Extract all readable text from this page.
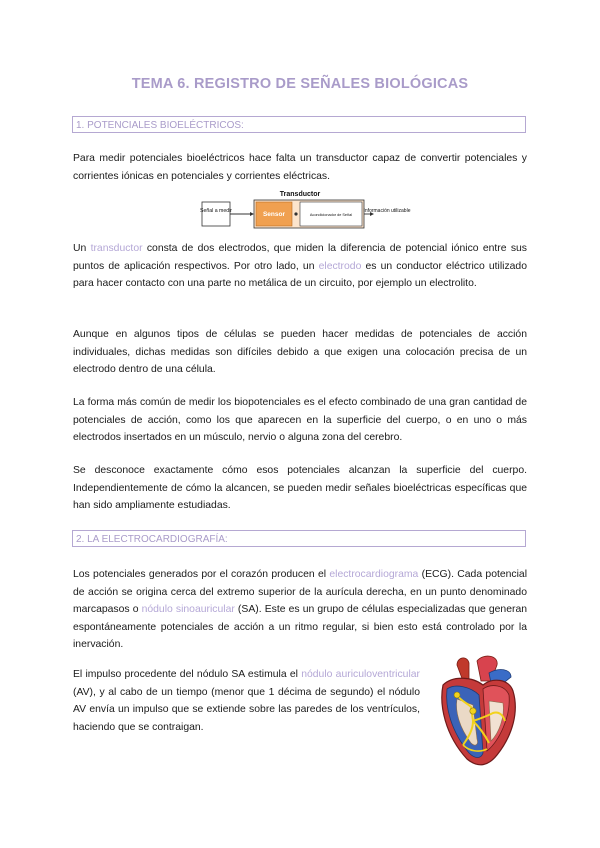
TEMA 6. REGISTRO DE SEÑALES BIOLÓGICAS
1. POTENCIALES BIOELÉCTRICOS:
Para medir potenciales bioeléctricos hace falta un transductor capaz de convertir potenciales y corrientes iónicas en potenciales y corrientes eléctricas.
Transductor
Señal a medir	Sensor	Acondicionador de Señal
Información utilizable
Un transductor consta de dos electrodos, que miden la diferencia de potencial iónico entre sus puntos de aplicación respectivos. Por otro lado, un electrodo es un conductor eléctrico utilizado para hacer contacto con una parte no metálica de un circuito, por ejemplo un electrolito.
Aunque en algunos tipos de células se pueden hacer medidas de potenciales de acción individuales, dichas medidas son difíciles debido a que exigen una colocación precisa de un electrodo dentro de una célula.
La forma más común de medir los biopotenciales es el efecto combinado de una gran cantidad de potenciales de acción, como los que aparecen en la superficie del cuerpo, o en uno o más electrodos insertados en un músculo, nervio o alguna zona del cerebro.
Se desconoce exactamente cómo esos potenciales alcanzan la superficie del cuerpo. Independientemente de cómo la alcancen, se pueden medir señales bioeléctricas específicas que han sido ampliamente estudiadas.
2. LA ELECTROCARDIOGRAFÍA:
Los potenciales generados por el corazón producen el electrocardiograma (ECG). Cada potencial de acción se origina cerca del extremo superior de la aurícula derecha, en un punto denominado marcapasos o nódulo sinoauricular (SA). Este es un grupo de células especializadas que generan espontáneamente potenciales de acción a un ritmo regular, si bien esto está controlado por la inervación.
El impulso procedente del nódulo SA estimula el nódulo auriculoventricular (AV), y al cabo de un tiempo (menor que 1 décima de segundo) el nódulo AV envía un impulso que se extiende sobre las paredes de los ventrículos, haciendo que se contraigan.
